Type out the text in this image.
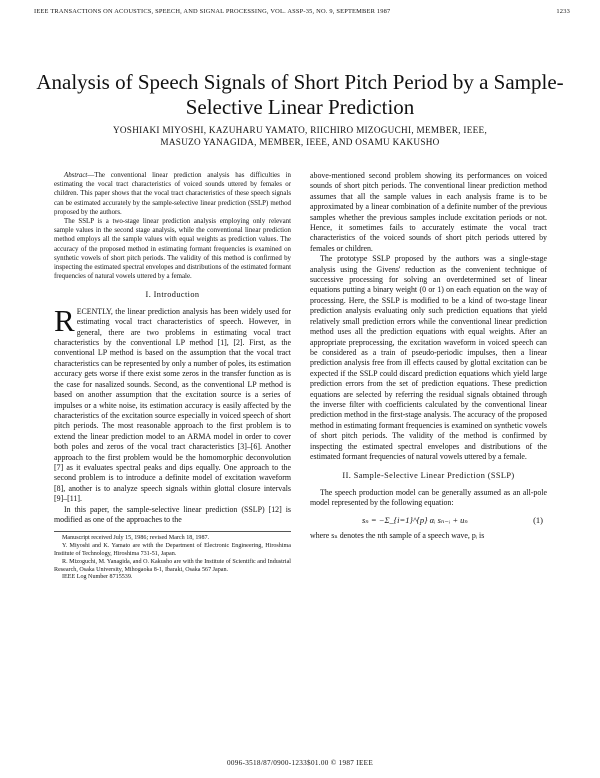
IEEE TRANSACTIONS ON ACOUSTICS, SPEECH, AND SIGNAL PROCESSING, VOL. ASSP-35, NO. 9, SEPTEMBER 1987	1233
Analysis of Speech Signals of Short Pitch Period by a Sample-Selective Linear Prediction
YOSHIAKI MIYOSHI, KAZUHARU YAMATO, RIICHIRO MIZOGUCHI, MEMBER, IEEE,
MASUZO YANAGIDA, MEMBER, IEEE, AND OSAMU KAKUSHO

Abstract—The conventional linear prediction analysis has difficulties in estimating the vocal tract characteristics of voiced sounds uttered by females or children. This paper shows that the vocal tract characteristics of these speech signals can be estimated accurately by the sample-selective linear prediction (SSLP) method proposed by the authors.

The SSLP is a two-stage linear prediction analysis employing only relevant sample values in the second stage analysis, while the conventional linear prediction method employs all the sample values with equal weights as prediction values. The accuracy of the proposed method in estimating formant frequencies is examined on synthetic vowels of short pitch periods. The validity of this method is confirmed by inspecting the estimated spectral envelopes and distributions of the estimated formant frequencies of natural vowels uttered by a female.

I. Introduction

RECENTLY, the linear prediction analysis has been widely used for estimating vocal tract characteristics of speech. However, in general, there are two problems in estimating vocal tract characteristics by the conventional LP method [1], [2]. First, as the conventional LP method is based on the assumption that the vocal tract characteristics can be represented by only a number of poles, its estimation accuracy gets worse if there exist some zeros in the transfer function as is the case for nasalized sounds. Second, as the conventional LP method is based on another assumption that the excitation source is a series of impulses or a white noise, its estimation accuracy is easily affected by the characteristics of the excitation source especially in voiced speech of short pitch periods. The most reasonable approach to the first problem is to extend the linear prediction model to an ARMA model in order to cover both poles and zeros of the vocal tract characteristics [3]–[6]. Another approach to the first problem would be the homomorphic deconvolution [7] as it evaluates spectral peaks and dips equally. One approach to the second problem is to introduce a definite model of excitation waveform [8], another is to analyze speech signals within glottal closure intervals [9]–[11].

In this paper, the sample-selective linear prediction (SSLP) [12] is modified as one of the approaches to the

Manuscript received July 15, 1986; revised March 18, 1987.

Y. Miyoshi and K. Yamato are with the Department of Electronic Engineering, Hiroshima Institute of Technology, Hiroshima 731-51, Japan.

R. Mizoguchi, M. Yanagida, and O. Kakusho are with the Institute of Scientific and Industrial Research, Osaka University, Mihogaoka 8-1, Ibaraki, Osaka 567 Japan.

IEEE Log Number 8715539.

above-mentioned second problem showing its performances on voiced sounds of short pitch periods. The conventional linear prediction method assumes that all the sample values in each analysis frame is to be approximated by a linear combination of a definite number of the previous samples whether the previous samples include excitation periods or not. Hence, it sometimes fails to accurately estimate the vocal tract characteristics of the voiced sounds of short pitch periods uttered by females or children.

The prototype SSLP proposed by the authors was a single-stage analysis using the Givens' reduction as the convenient technique of successive processing for solving an overdetermined set of linear equations putting a binary weight (0 or 1) on each equation on the way of processing. Here, the SSLP is modified to be a kind of two-stage linear prediction analysis evaluating only such prediction equations that yield relatively small prediction errors while the conventional linear prediction method uses all the prediction equations with equal weights. After an appropriate preprocessing, the excitation waveform in voiced speech can be considered as a train of pseudo-periodic impulses, then a linear prediction analysis free from ill effects caused by glottal excitation can be expected if the SSLP could discard prediction equations which yield large prediction errors from the set of prediction equations. These prediction equations are selected by referring the residual signals obtained through the inverse filter with coefficients calculated by the conventional linear prediction method in the first-stage analysis. The accuracy of the proposed method in estimating formant frequencies is examined on synthetic vowels of short pitch periods. The validity of the method is confirmed by inspecting the estimated spectral envelopes and distributions of the estimated formant frequencies of natural vowels uttered by a female.

II. Sample-Selective Linear Prediction (SSLP)

The speech production model can be generally assumed as an all-pole model represented by the following equation:

sₙ = −Σ_{i=1}^{p} αᵢ sₙ₋ᵢ + uₙ	(1)

where sₙ denotes the nth sample of a speech wave, pᵢ is

0096-3518/87/0900-1233$01.00 © 1987 IEEE
